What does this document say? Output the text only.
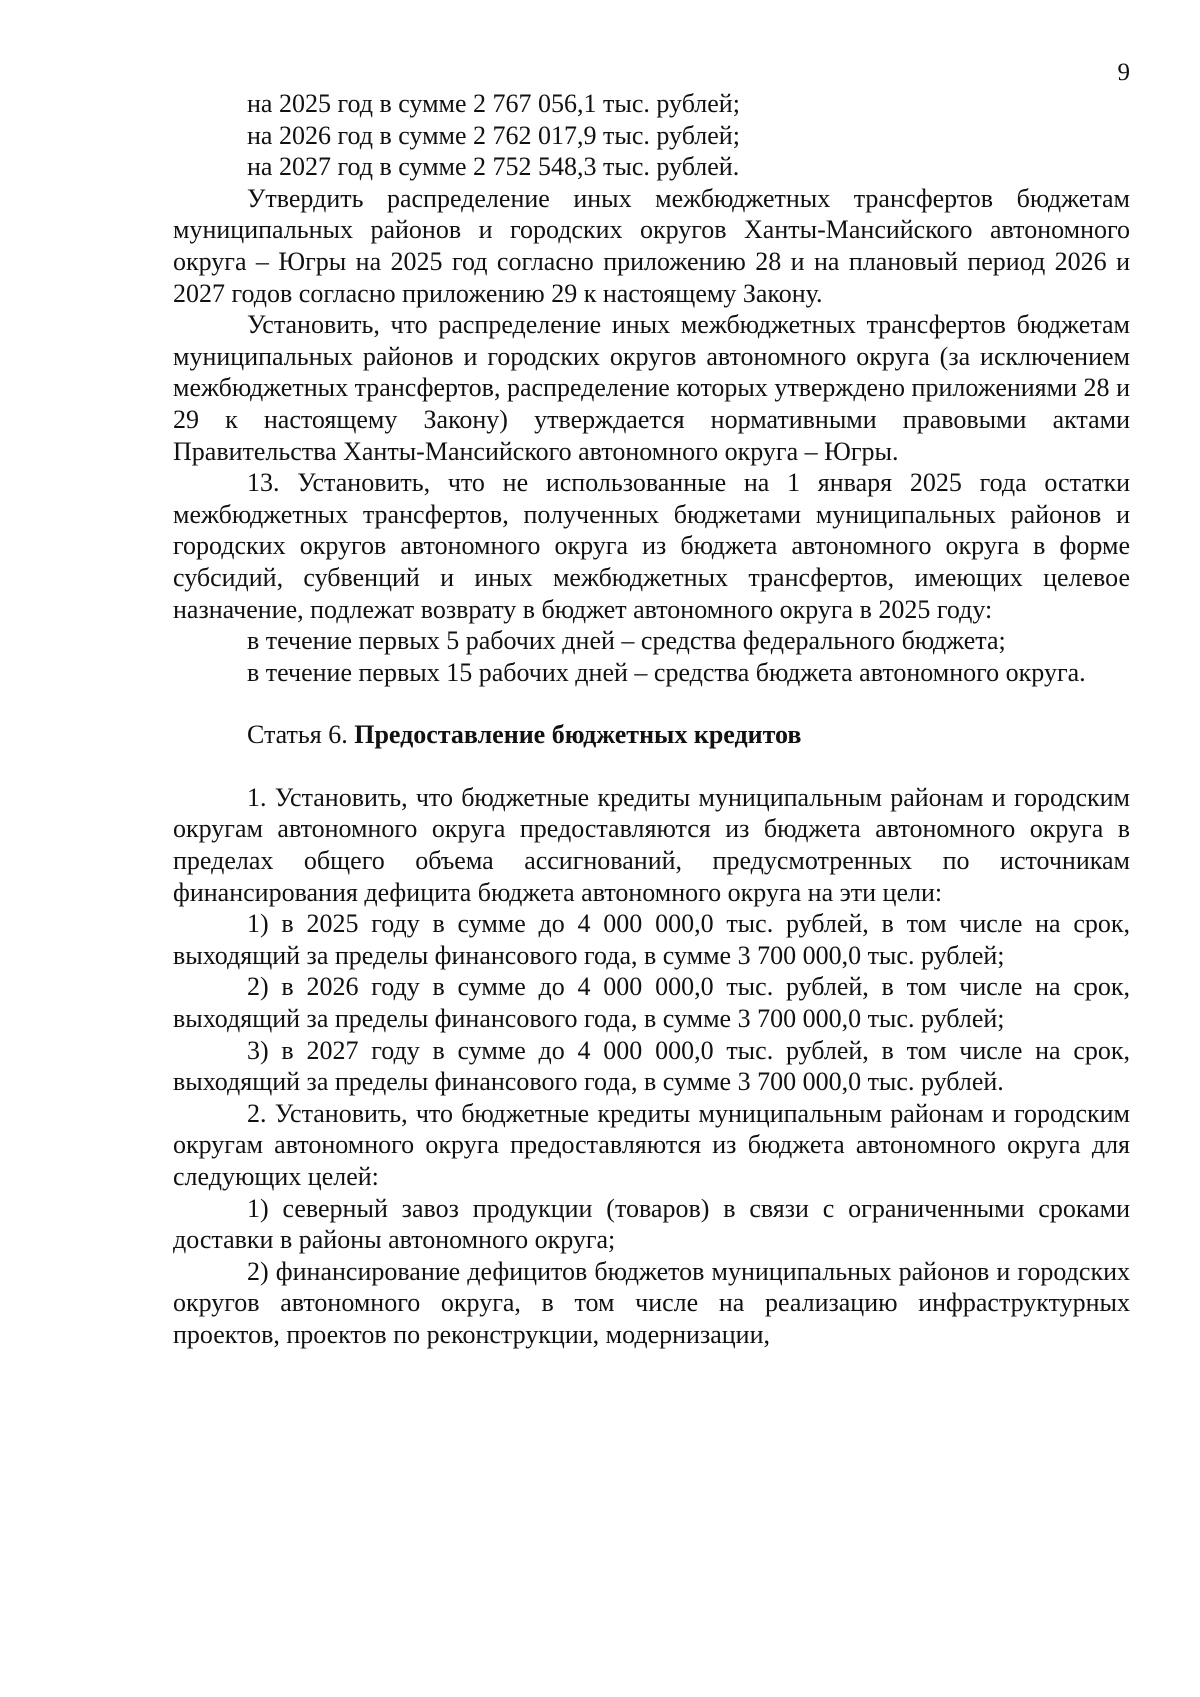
9

на 2025 год в сумме 2 767 056,1 тыс. рублей;

на 2026 год в сумме 2 762 017,9 тыс. рублей;

на 2027 год в сумме 2 752 548,3 тыс. рублей.

Утвердить распределение иных межбюджетных трансфертов бюджетам муниципальных районов и городских округов Ханты-Мансийского автономного округа – Югры на 2025 год согласно приложению 28 и на плановый период 2026 и 2027 годов согласно приложению 29 к настоящему Закону.

Установить, что распределение иных межбюджетных трансфертов бюджетам муниципальных районов и городских округов автономного округа (за исключением межбюджетных трансфертов, распределение которых утверждено приложениями 28 и 29 к настоящему Закону) утверждается нормативными правовыми актами Правительства Ханты-Мансийского автономного округа – Югры.

13. Установить, что не использованные на 1 января 2025 года остатки межбюджетных трансфертов, полученных бюджетами муниципальных районов и городских округов автономного округа из бюджета автономного округа в форме субсидий, субвенций и иных межбюджетных трансфертов, имеющих целевое назначение, подлежат возврату в бюджет автономного округа в 2025 году:

в течение первых 5 рабочих дней – средства федерального бюджета;

в течение первых 15 рабочих дней – средства бюджета автономного округа.

Статья 6. Предоставление бюджетных кредитов

1. Установить, что бюджетные кредиты муниципальным районам и городским округам автономного округа предоставляются из бюджета автономного округа в пределах общего объема ассигнований, предусмотренных по источникам финансирования дефицита бюджета автономного округа на эти цели:

1) в 2025 году в сумме до 4 000 000,0 тыс. рублей, в том числе на срок, выходящий за пределы финансового года, в сумме 3 700 000,0 тыс. рублей;

2) в 2026 году в сумме до 4 000 000,0 тыс. рублей, в том числе на срок, выходящий за пределы финансового года, в сумме 3 700 000,0 тыс. рублей;

3) в 2027 году в сумме до 4 000 000,0 тыс. рублей, в том числе на срок, выходящий за пределы финансового года, в сумме 3 700 000,0 тыс. рублей.

2. Установить, что бюджетные кредиты муниципальным районам и городским округам автономного округа предоставляются из бюджета автономного округа для следующих целей:

1) северный завоз продукции (товаров) в связи с ограниченными сроками доставки в районы автономного округа;

2) финансирование дефицитов бюджетов муниципальных районов и городских округов автономного округа, в том числе на реализацию инфраструктурных проектов, проектов по реконструкции, модернизации,
